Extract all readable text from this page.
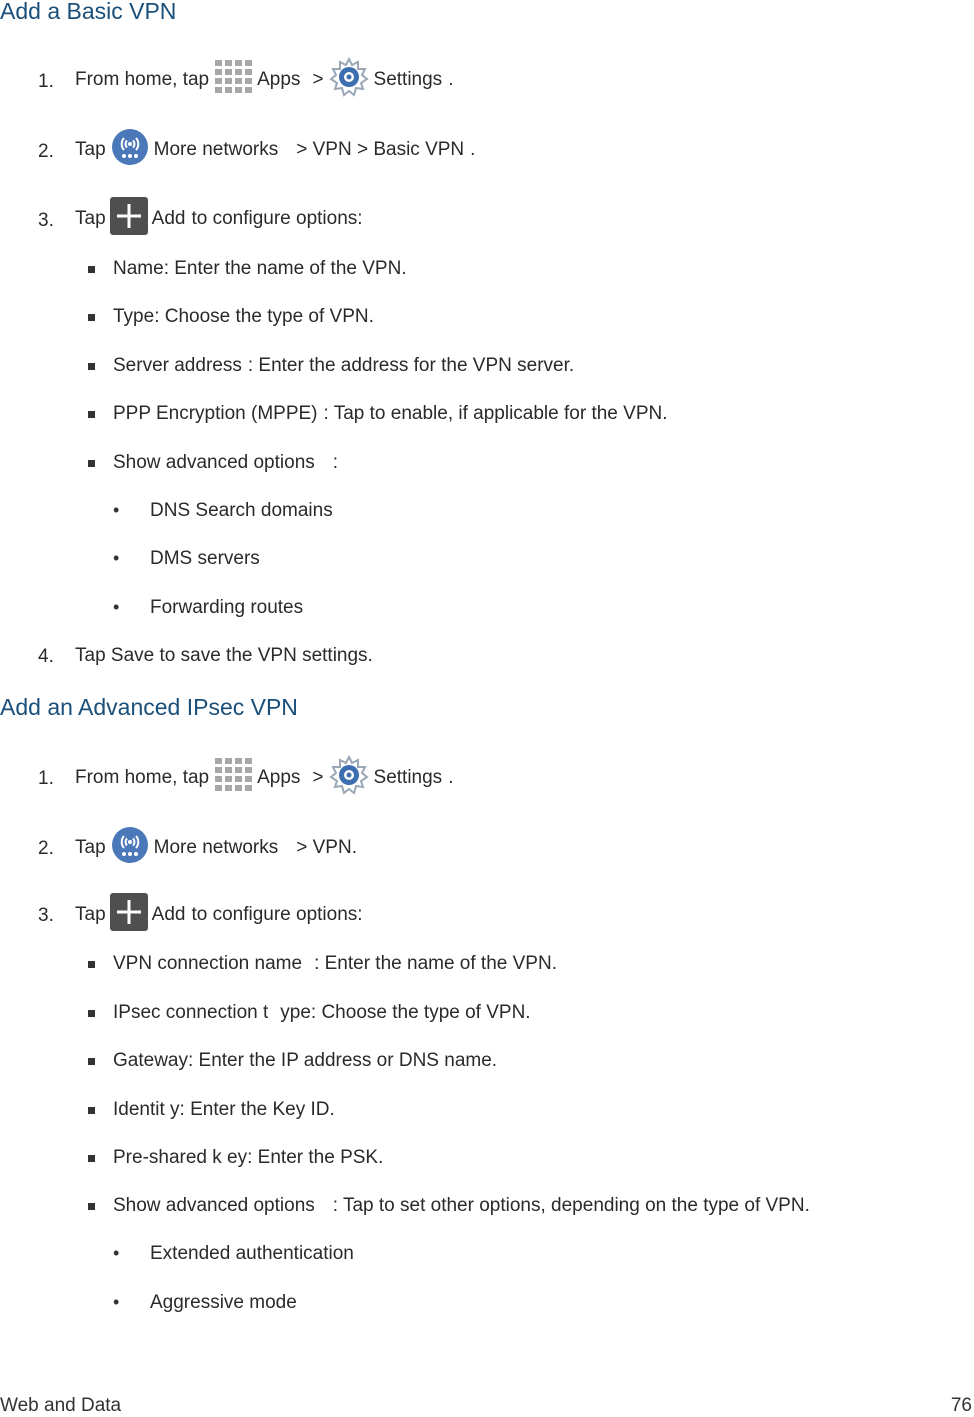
Add a Basic VPN
1. From home, tap	Apps >	Settings .
2. Tap	More networks > VPN > Basic VPN .
3. Tap Add to configure options:
Name : Enter the name of the VPN.
Type : Choose the type of VPN.
Server address : Enter the address for the VPN server.
PPP Encryption (MPPE) : Tap to enable, if applicable for the VPN.
Show advanced options :
• DNS Search domains
• DMS servers
• Forwarding routes
4. Tap Save to save the VPN settings.
Add an Advanced IPsec VPN
1. From home, tap	Apps >	Settings .
2. Tap	More networks > VPN.
3. Tap Add to configure options:
VPN connection name : Enter the name of the VPN.
IPsec connection t ype : Choose the type of VPN.
Gateway : Enter the IP address or DNS name.
Identit y : Enter the Key ID.
Pre-shared k ey : Enter the PSK.
Show advanced options : Tap to set other options, depending on the type of VPN.
• Extended authentication
• Aggressive mode
Web and Data	76
